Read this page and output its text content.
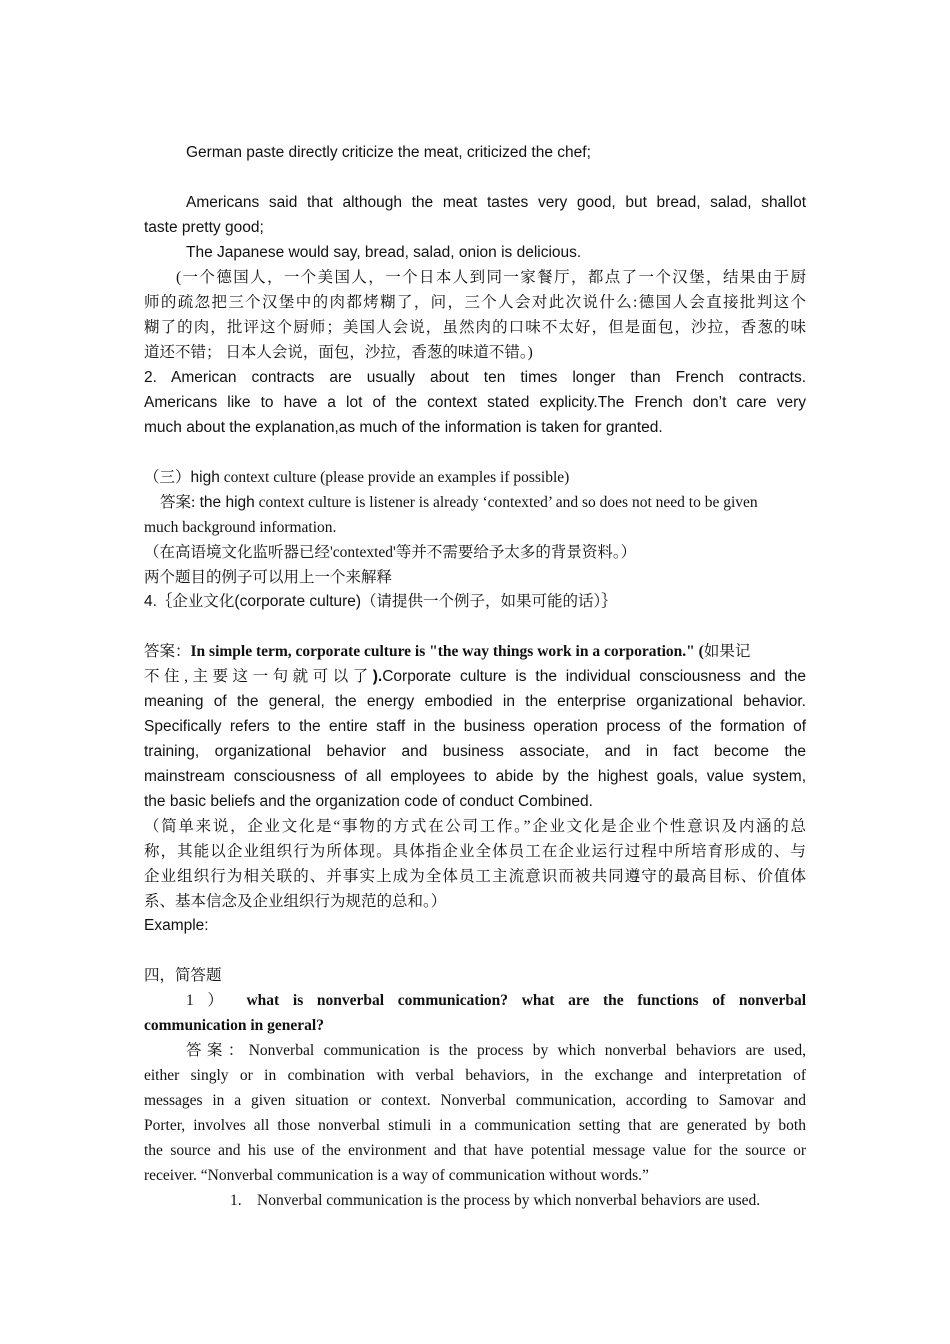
German paste directly criticize the meat, criticized the chef;
Americans said that although the meat tastes very good, but bread, salad, shallot
taste pretty good;
The Japanese would say, bread, salad, onion is delicious.
(一个德国人，一个美国人，一个日本人到同一家餐厅，都点了一个汉堡，结果由于厨
师的疏忽把三个汉堡中的肉都烤糊了，问，三个人会对此次说什么:德国人会直接批判这个
糊了的肉，批评这个厨师；美国人会说，虽然肉的口味不太好，但是面包，沙拉，香葱的味
道还不错； 日本人会说，面包，沙拉，香葱的味道不错。)
2. American contracts are usually about ten times longer than French contracts.
Americans like to have a lot of the context stated explicity.The French don’t care very
much about the explanation,as much of the information is taken for granted.
（三）high context culture (please provide an examples if possible)
答案: the high context culture is listener is already ‘contexted’ and so does not need to be given
much background information.
（在高语境文化监听器已经'contexted'等并不需要给予太多的背景资料。）
两个题目的例子可以用上一个来解释
4.｛企业文化(corporate culture)（请提供一个例子，如果可能的话）｝
答案：In simple term, corporate culture is "the way things work in a corporation." (如果记
不住,主要这一句就可以了).Corporate culture is the individual consciousness and the
meaning of the general, the energy embodied in the enterprise organizational behavior.
Specifically refers to the entire staff in the business operation process of the formation of
training, organizational behavior and business associate, and in fact become the
mainstream consciousness of all employees to abide by the highest goals, value system,
the basic beliefs and the organization code of conduct Combined.
（简单来说，企业文化是“事物的方式在公司工作。”企业文化是企业个性意识及内涵的总
称，其能以企业组织行为所体现。具体指企业全体员工在企业运行过程中所培育形成的、与
企业组织行为相关联的、并事实上成为全体员工主流意识而被共同遵守的最高目标、价值体
系、基本信念及企业组织行为规范的总和。）
Example:
四，简答题
1 ） what is nonverbal communication? what are the functions of nonverbal
communication in general?
答案：Nonverbal communication is the process by which nonverbal behaviors are used,
either singly or in combination with verbal behaviors, in the exchange and interpretation of
messages in a given situation or context. Nonverbal communication, according to Samovar and
Porter, involves all those nonverbal stimuli in a communication setting that are generated by both
the source and his use of the environment and that have potential message value for the source or
receiver. “Nonverbal communication is a way of communication without words.”
1. Nonverbal communication is the process by which nonverbal behaviors are used.
